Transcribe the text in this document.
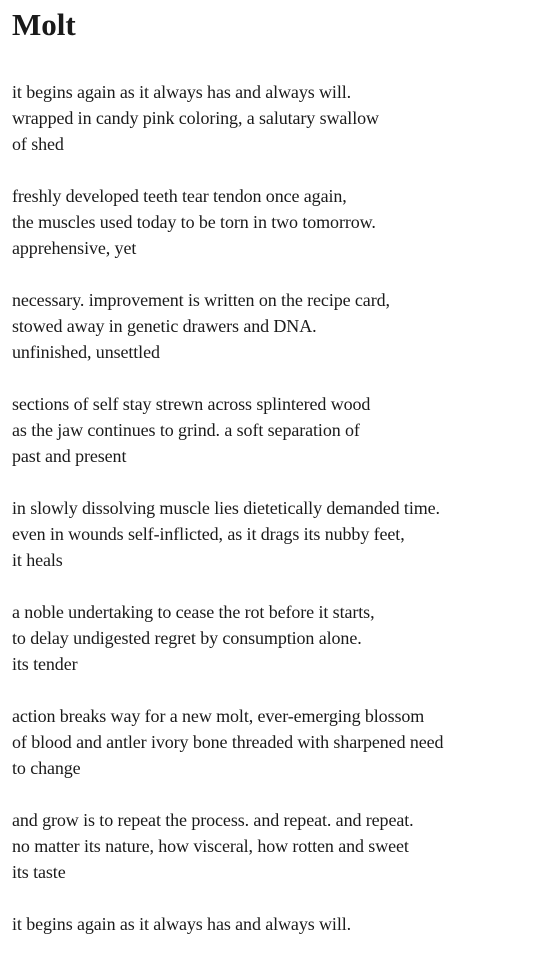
Molt
it begins again as it always has and always will.
wrapped in candy pink coloring, a salutary swallow
of shed
freshly developed teeth tear tendon once again,
the muscles used today to be torn in two tomorrow.
apprehensive, yet
necessary. improvement is written on the recipe card,
stowed away in genetic drawers and DNA.
unfinished, unsettled
sections of self stay strewn across splintered wood
as the jaw continues to grind. a soft separation of
past and present
in slowly dissolving muscle lies dietetically demanded time.
even in wounds self-inflicted, as it drags its nubby feet,
it heals
a noble undertaking to cease the rot before it starts,
to delay undigested regret by consumption alone.
its tender
action breaks way for a new molt, ever-emerging blossom
of blood and antler ivory bone threaded with sharpened need
to change
and grow is to repeat the process. and repeat. and repeat.
no matter its nature, how visceral, how rotten and sweet
its taste
it begins again as it always has and always will.
